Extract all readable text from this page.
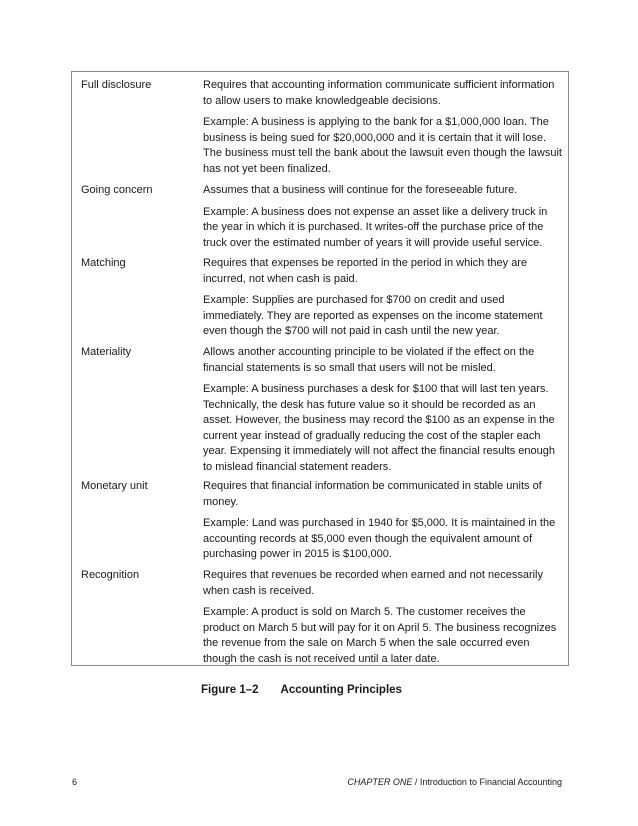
Full disclosure	Requires that accounting information communicate sufficient information to allow users to make knowledgeable decisions.

Example: A business is applying to the bank for a $1,000,000 loan. The business is being sued for $20,000,000 and it is certain that it will lose. The business must tell the bank about the lawsuit even though the lawsuit has not yet been finalized.

Going concern	Assumes that a business will continue for the foreseeable future.

Example: A business does not expense an asset like a delivery truck in the year in which it is purchased. It writes-off the purchase price of the truck over the estimated number of years it will provide useful service.

Matching	Requires that expenses be reported in the period in which they are incurred, not when cash is paid.

Example: Supplies are purchased for $700 on credit and used immediately. They are reported as expenses on the income statement even though the $700 will not paid in cash until the new year.

Materiality	Allows another accounting principle to be violated if the effect on the financial statements is so small that users will not be misled.

Example: A business purchases a desk for $100 that will last ten years. Technically, the desk has future value so it should be recorded as an asset. However, the business may record the $100 as an expense in the current year instead of gradually reducing the cost of the stapler each year. Expensing it immediately will not affect the financial results enough to mislead financial statement readers.

Monetary unit	Requires that financial information be communicated in stable units of money.

Example: Land was purchased in 1940 for $5,000. It is maintained in the accounting records at $5,000 even though the equivalent amount of purchasing power in 2015 is $100,000.

Recognition	Requires that revenues be recorded when earned and not necessarily when cash is received.

Example: A product is sold on March 5. The customer receives the product on March 5 but will pay for it on April 5. The business recognizes the revenue from the sale on March 5 when the sale occurred even though the cash is not received until a later date.

Figure 1–2 Accounting Principles
6	CHAPTER ONE / Introduction to Financial Accounting
